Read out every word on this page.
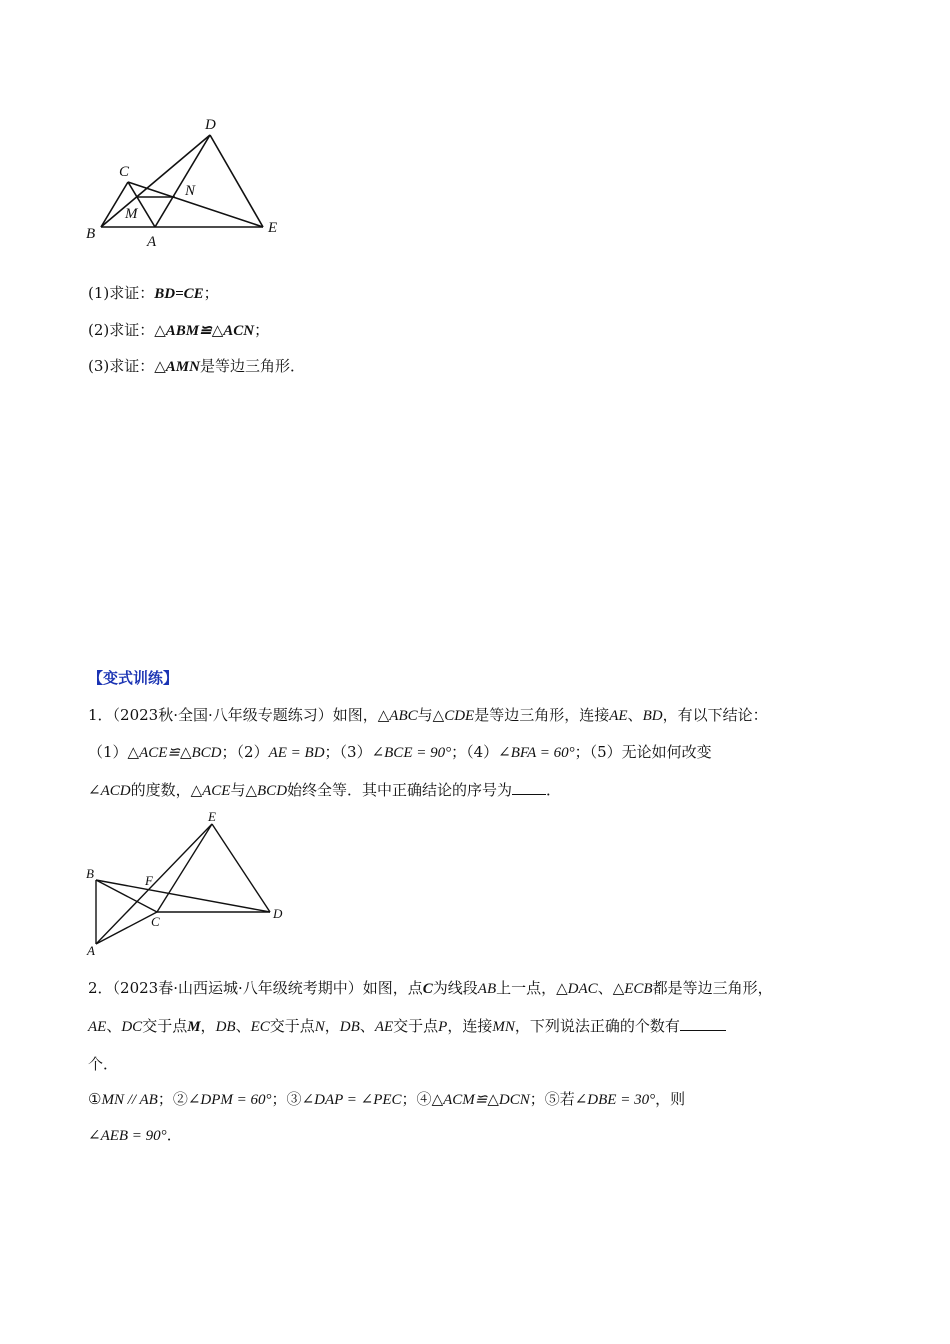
D
C
N
M
B	A
E
(1)求证：BD=CE；
(2)求证：△ABM≌△ACN；
(3)求证：△AMN是等边三角形．
【变式训练】
1．（2023秋·全国·八年级专题练习）如图，△ABC与△CDE是等边三角形，连接AE、BD，有以下结论：
（1）△ACE≌△BCD；（2）AE = BD；（3）∠BCE = 90°；（4）∠BFA = 60°；（5）无论如何改变
∠ACD的度数，△ACE与△BCD始终全等．其中正确结论的序号为 ．
E
B	F
D
C
A
2．（2023春·山西运城·八年级统考期中）如图，点C为线段AB上一点，△DAC、△ECB都是等边三角形，
AE、DC交于点M，DB、EC交于点N，DB、AE交于点P，连接MN，下列说法正确的个数有
个．
①MN // AB；②∠DPM = 60°；③∠DAP = ∠PEC；④△ACM≌△DCN；⑤若∠DBE = 30°，则
∠AEB = 90°．
